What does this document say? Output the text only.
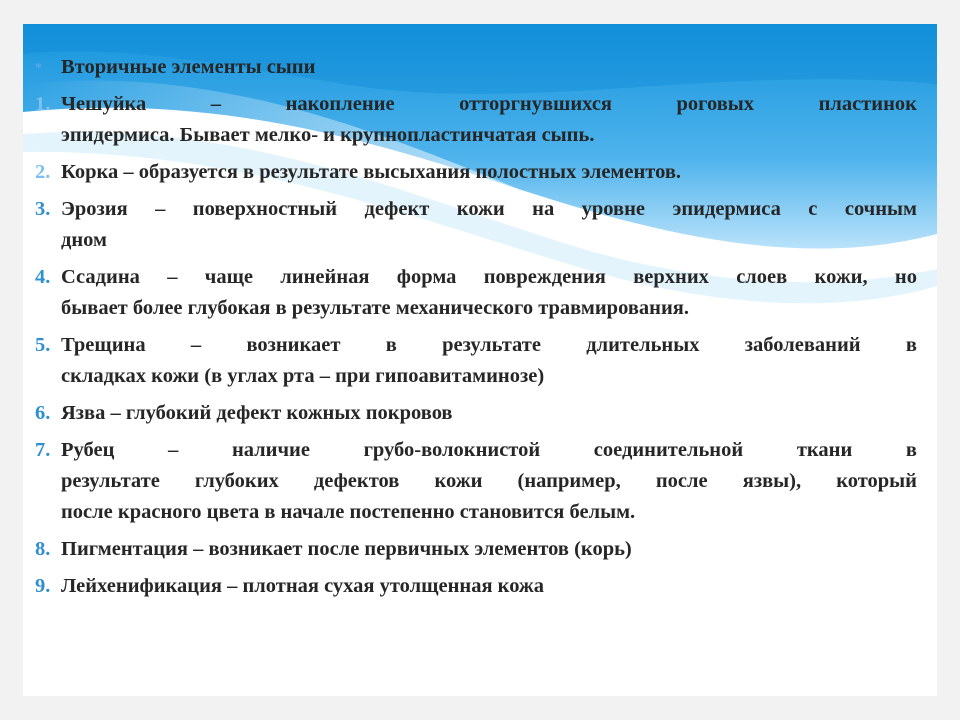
* Вторичные элементы сыпи
1. Чешуйка – накопление отторгнувшихся роговых пластинок
эпидермиса. Бывает мелко- и крупнопластинчатая сыпь.
2. Корка – образуется в результате высыхания полостных элементов.
3. Эрозия – поверхностный дефект кожи на уровне эпидермиса с сочным
дном
4. Ссадина – чаще линейная форма повреждения верхних слоев кожи, но
бывает более глубокая в результате механического травмирования.
5. Трещина – возникает в результате длительных заболеваний в
складках кожи (в углах рта – при гипоавитаминозе)
6. Язва – глубокий дефект кожных покровов
7. Рубец – наличие грубо-волокнистой соединительной ткани в
результате глубоких дефектов кожи (например, после язвы), который
после красного цвета в начале постепенно становится белым.
8. Пигментация – возникает после первичных элементов (корь)
9. Лейхенификация – плотная сухая утолщенная кожа
